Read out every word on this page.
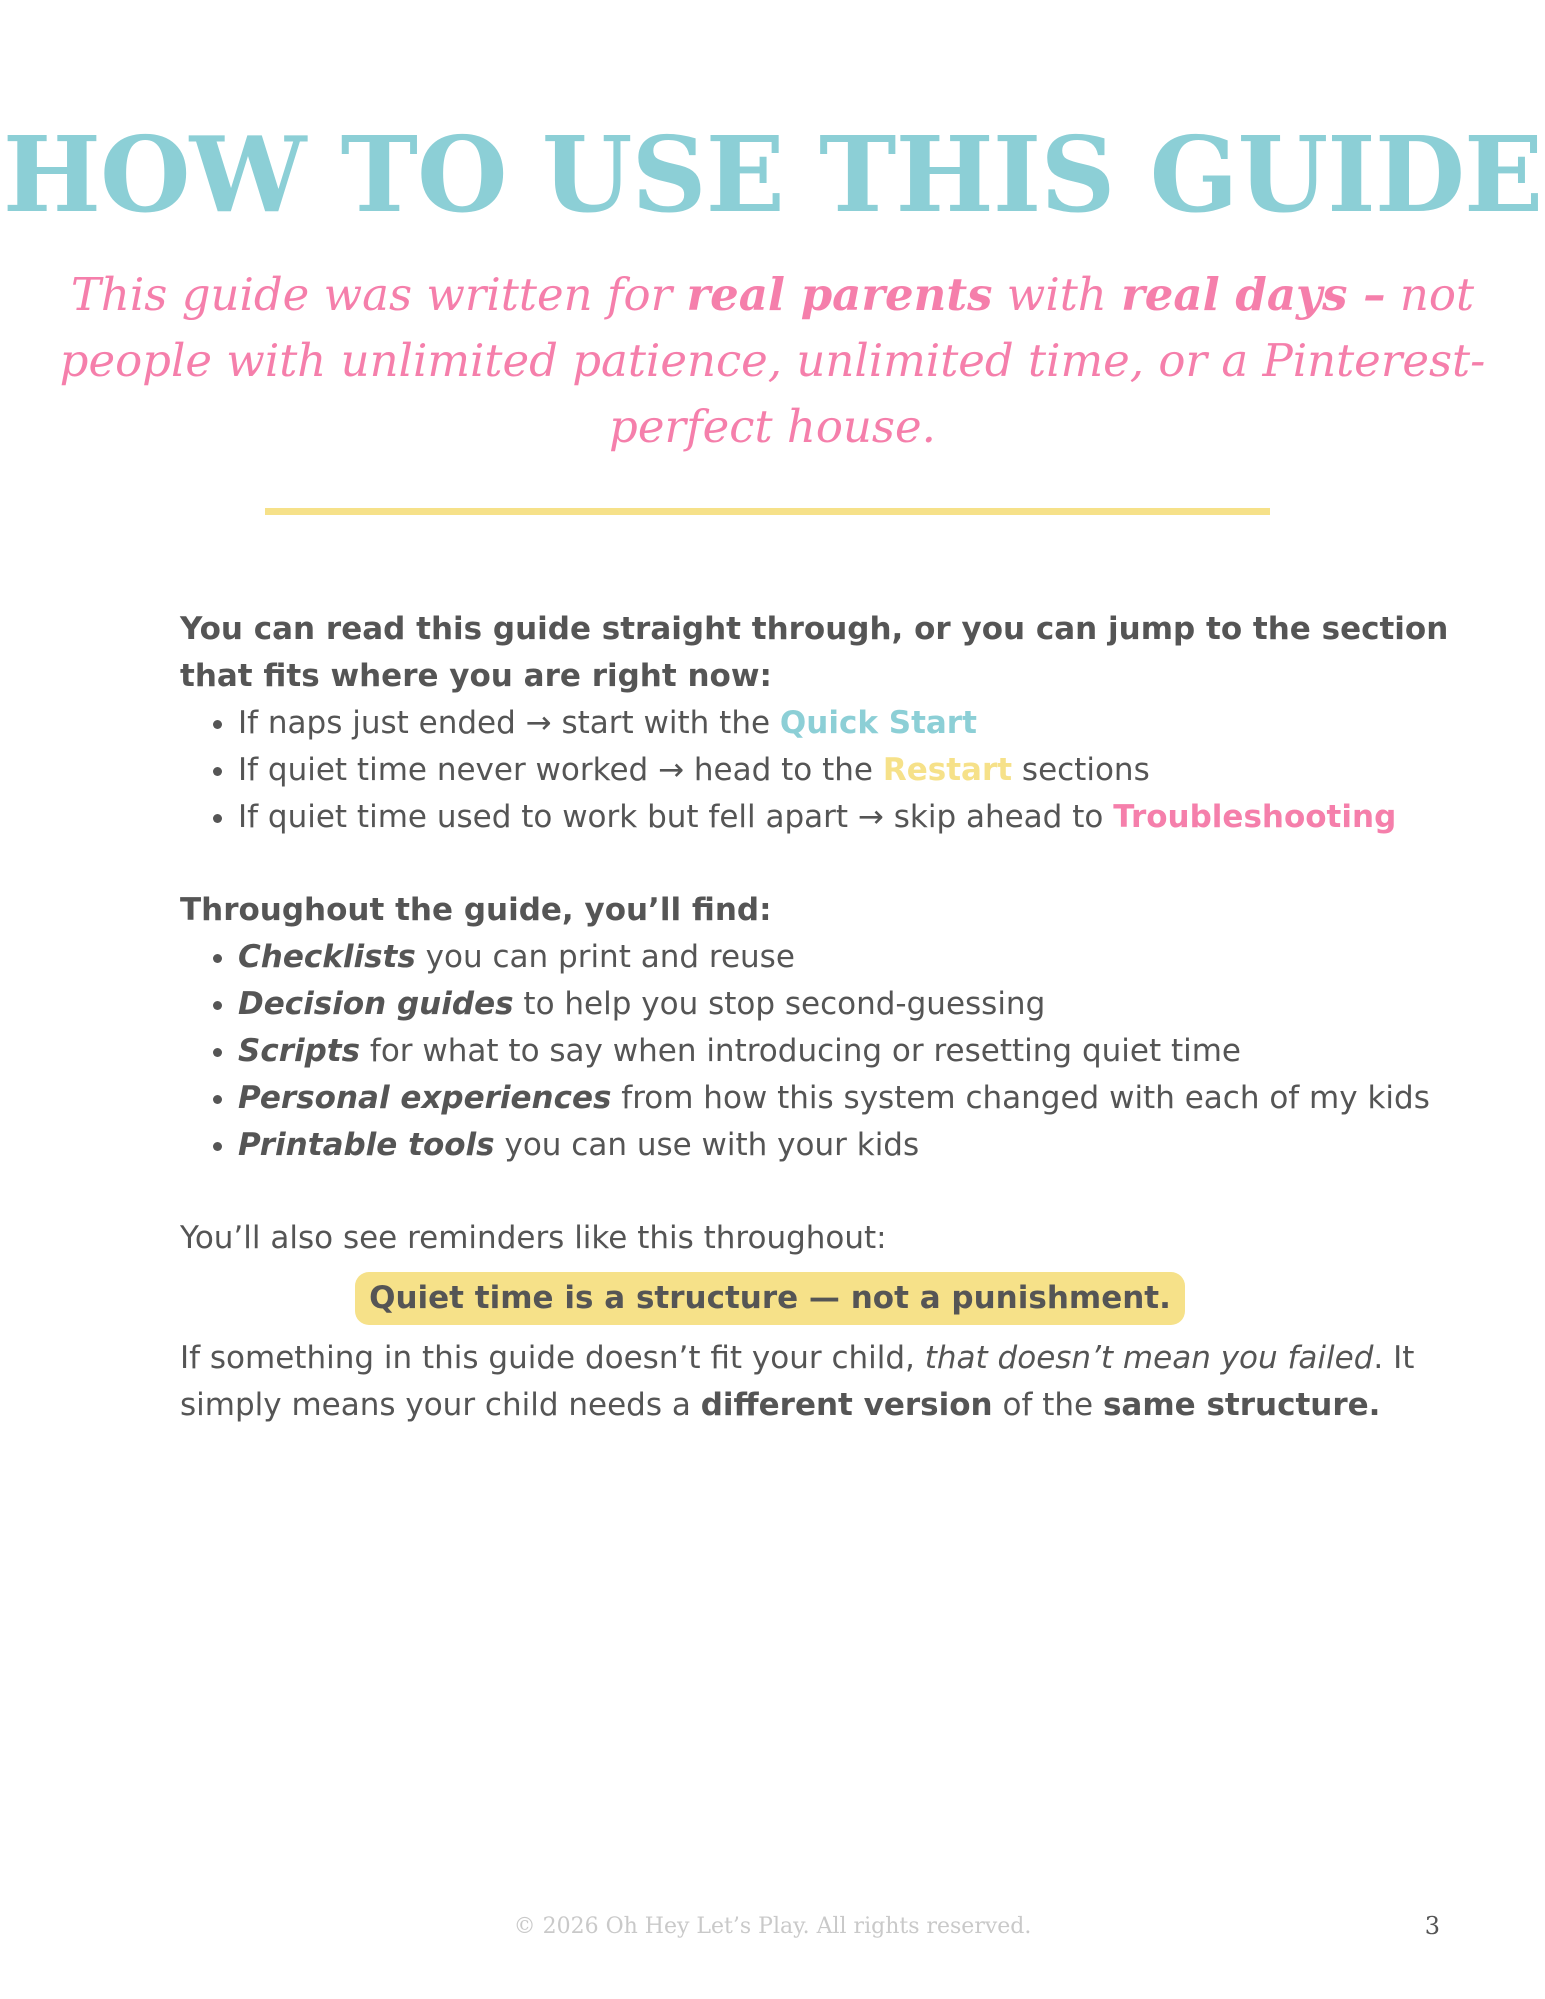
HOW TO USE THIS GUIDE
This guide was written for real parents with real days – not people with unlimited patience, unlimited time, or a Pinterest-perfect house.

You can read this guide straight through, or you can jump to the section that fits where you are right now:

• If naps just ended → start with the Quick Start
• If quiet time never worked → head to the Restart sections
• If quiet time used to work but fell apart → skip ahead to Troubleshooting

Throughout the guide, you’ll find:

• Checklists you can print and reuse
• Decision guides to help you stop second-guessing
• Scripts for what to say when introducing or resetting quiet time
• Personal experiences from how this system changed with each of my kids
• Printable tools you can use with your kids

You’ll also see reminders like this throughout:

Quiet time is a structure — not a punishment.

If something in this guide doesn’t fit your child, that doesn’t mean you failed. It simply means your child needs a different version of the same structure.

© 2026 Oh Hey Let’s Play. All rights reserved.	3
